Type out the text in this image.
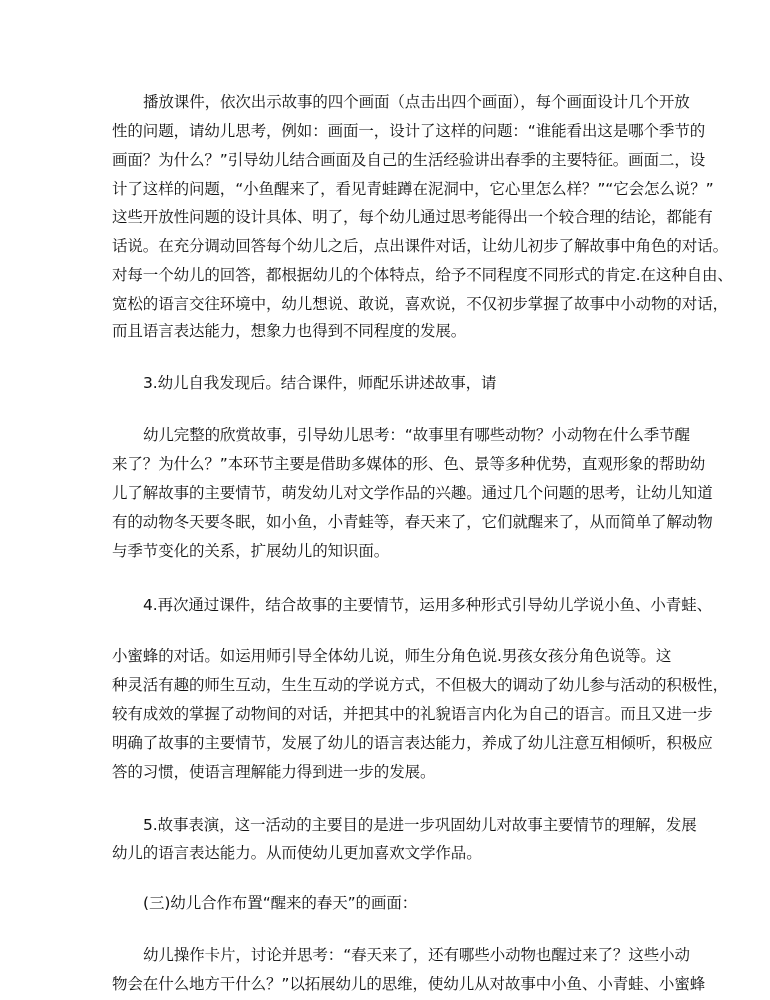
播放课件，依次出示故事的四个画面（点击出四个画面），每个画面设计几个开放
性的问题，请幼儿思考，例如：画面一，设计了这样的问题：“谁能看出这是哪个季节的
画面？为什么？”引导幼儿结合画面及自己的生活经验讲出春季的主要特征。画面二，设
计了这样的问题，“小鱼醒来了，看见青蛙蹲在泥洞中，它心里怎么样？”“它会怎么说？”
这些开放性问题的设计具体、明了，每个幼儿通过思考能得出一个较合理的结论，都能有
话说。在充分调动回答每个幼儿之后，点出课件对话，让幼儿初步了解故事中角色的对话。
对每一个幼儿的回答，都根据幼儿的个体特点，给予不同程度不同形式的肯定.在这种自由、
宽松的语言交往环境中，幼儿想说、敢说，喜欢说，不仅初步掌握了故事中小动物的对话，
而且语言表达能力，想象力也得到不同程度的发展。
3.幼儿自我发现后。结合课件，师配乐讲述故事，请
幼儿完整的欣赏故事，引导幼儿思考：“故事里有哪些动物？小动物在什么季节醒
来了？为什么？”本环节主要是借助多媒体的形、色、景等多种优势，直观形象的帮助幼
儿了解故事的主要情节，萌发幼儿对文学作品的兴趣。通过几个问题的思考，让幼儿知道
有的动物冬天要冬眠，如小鱼，小青蛙等，春天来了，它们就醒来了，从而简单了解动物
与季节变化的关系，扩展幼儿的知识面。
4.再次通过课件，结合故事的主要情节，运用多种形式引导幼儿学说小鱼、小青蛙、
小蜜蜂的对话。如运用师引导全体幼儿说，师生分角色说.男孩女孩分角色说等。这
种灵活有趣的师生互动，生生互动的学说方式，不但极大的调动了幼儿参与活动的积极性，
较有成效的掌握了动物间的对话，并把其中的礼貌语言内化为自己的语言。而且又进一步
明确了故事的主要情节，发展了幼儿的语言表达能力，养成了幼儿注意互相倾听，积极应
答的习惯，使语言理解能力得到进一步的发展。
5.故事表演，这一活动的主要目的是进一步巩固幼儿对故事主要情节的理解，发展
幼儿的语言表达能力。从而使幼儿更加喜欢文学作品。
(三)幼儿合作布置“醒来的春天”的画面：
幼儿操作卡片，讨论并思考：“春天来了，还有哪些小动物也醒过来了？这些小动
物会在什么地方干什么？”以拓展幼儿的思维，使幼儿从对故事中小鱼、小青蛙、小蜜蜂
